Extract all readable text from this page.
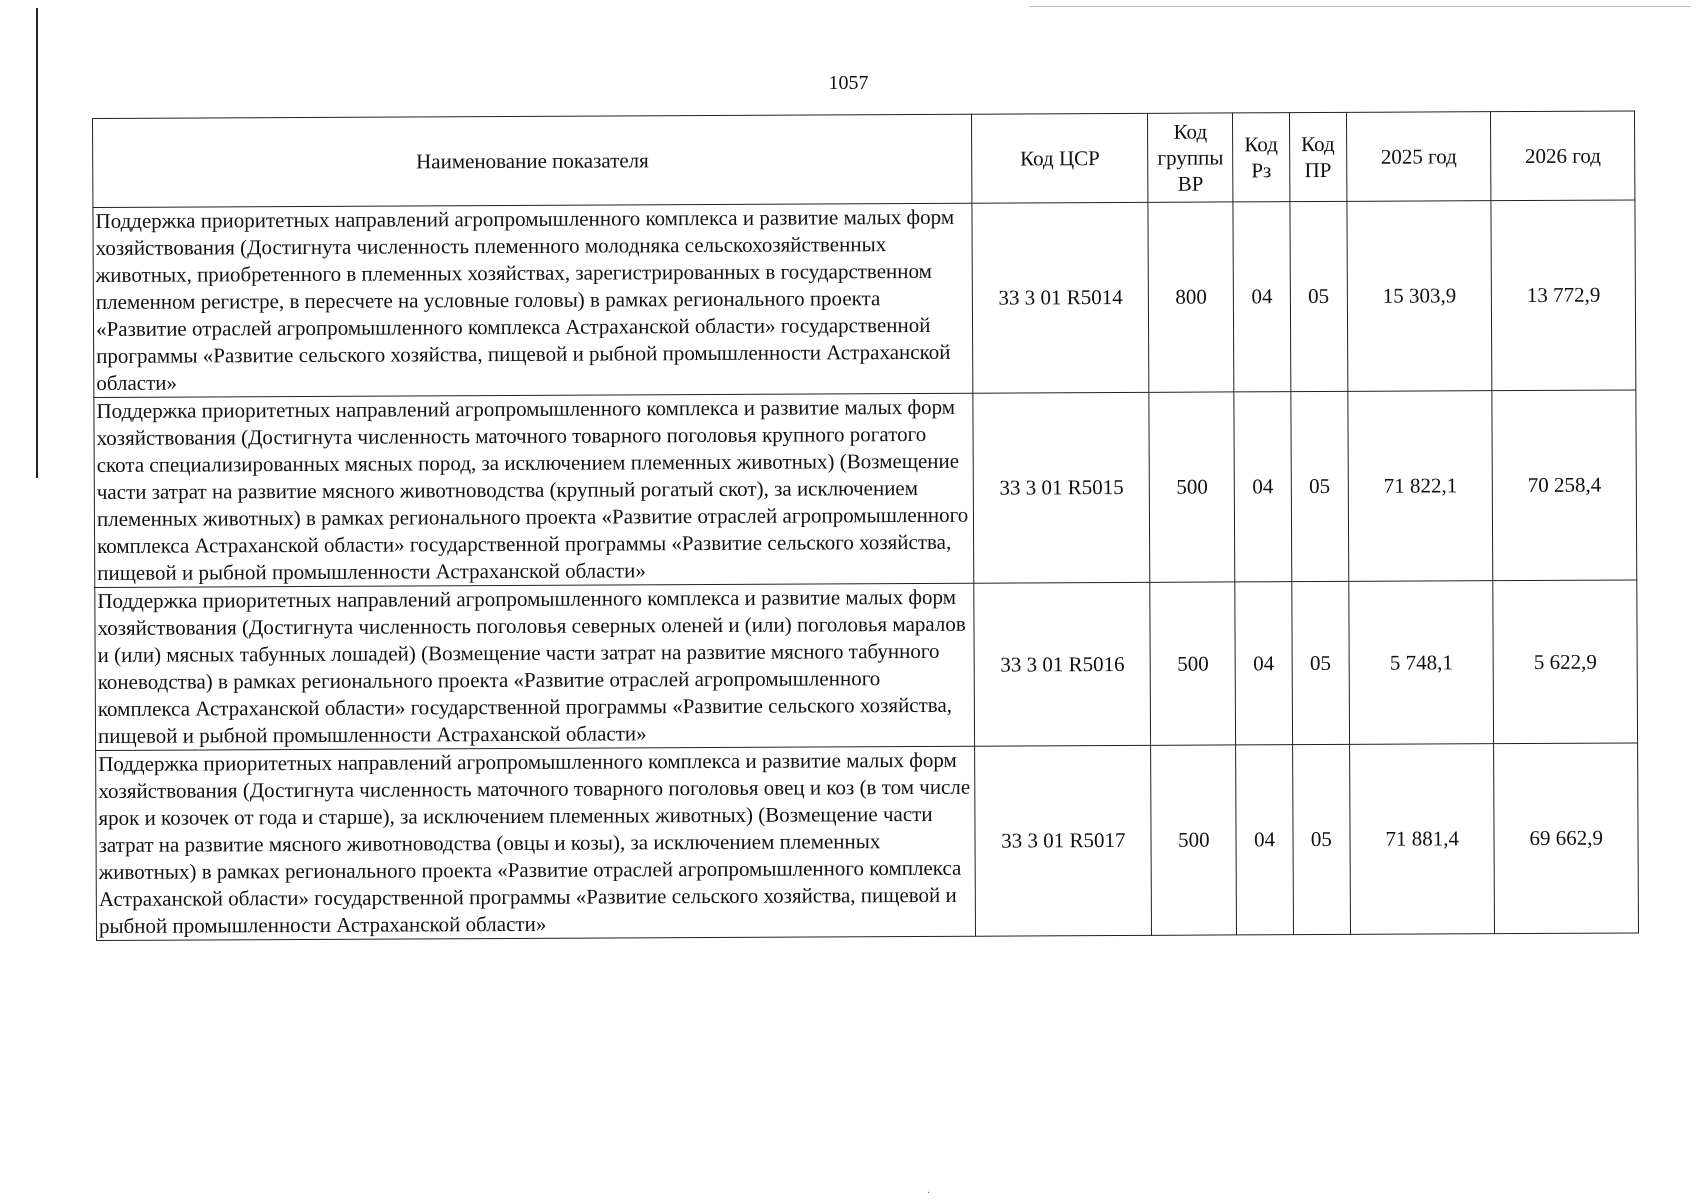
1057
Наименование показателя	Код ЦСР	Код группы ВР	Код Рз	Код ПР	2025 год	2026 год
Поддержка приоритетных направлений агропромышленного комплекса и развитие малых форм хозяйствования (Достигнута численность племенного молодняка сельскохозяйственных животных, приобретенного в племенных хозяйствах, зарегистрированных в государственном племенном регистре, в пересчете на условные головы) в рамках регионального проекта «Развитие отраслей агропромышленного комплекса Астраханской области» государственной программы «Развитие сельского хозяйства, пищевой и рыбной промышленности Астраханской области»	33 3 01 R5014	800	04	05	15 303,9	13 772,9
Поддержка приоритетных направлений агропромышленного комплекса и развитие малых форм хозяйствования (Достигнута численность маточного товарного поголовья крупного рогатого скота специализированных мясных пород, за исключением племенных животных) (Возмещение части затрат на развитие мясного животноводства (крупный рогатый скот), за исключением племенных животных) в рамках регионального проекта «Развитие отраслей агропромышленного комплекса Астраханской области» государственной программы «Развитие сельского хозяйства, пищевой и рыбной промышленности Астраханской области»	33 3 01 R5015	500	04	05	71 822,1	70 258,4
Поддержка приоритетных направлений агропромышленного комплекса и развитие малых форм хозяйствования (Достигнута численность поголовья северных оленей и (или) поголовья маралов и (или) мясных табунных лошадей) (Возмещение части затрат на развитие мясного табунного коневодства) в рамках регионального проекта «Развитие отраслей агропромышленного комплекса Астраханской области» государственной программы «Развитие сельского хозяйства, пищевой и рыбной промышленности Астраханской области»	33 3 01 R5016	500	04	05	5 748,1	5 622,9
Поддержка приоритетных направлений агропромышленного комплекса и развитие малых форм хозяйствования (Достигнута численность маточного товарного поголовья овец и коз (в том числе ярок и козочек от года и старше), за исключением племенных животных) (Возмещение части затрат на развитие мясного животноводства (овцы и козы), за исключением племенных животных) в рамках регионального проекта «Развитие отраслей агропромышленного комплекса Астраханской области» государственной программы «Развитие сельского хозяйства, пищевой и рыбной промышленности Астраханской области»	33 3 01 R5017	500	04	05	71 881,4	69 662,9
·
